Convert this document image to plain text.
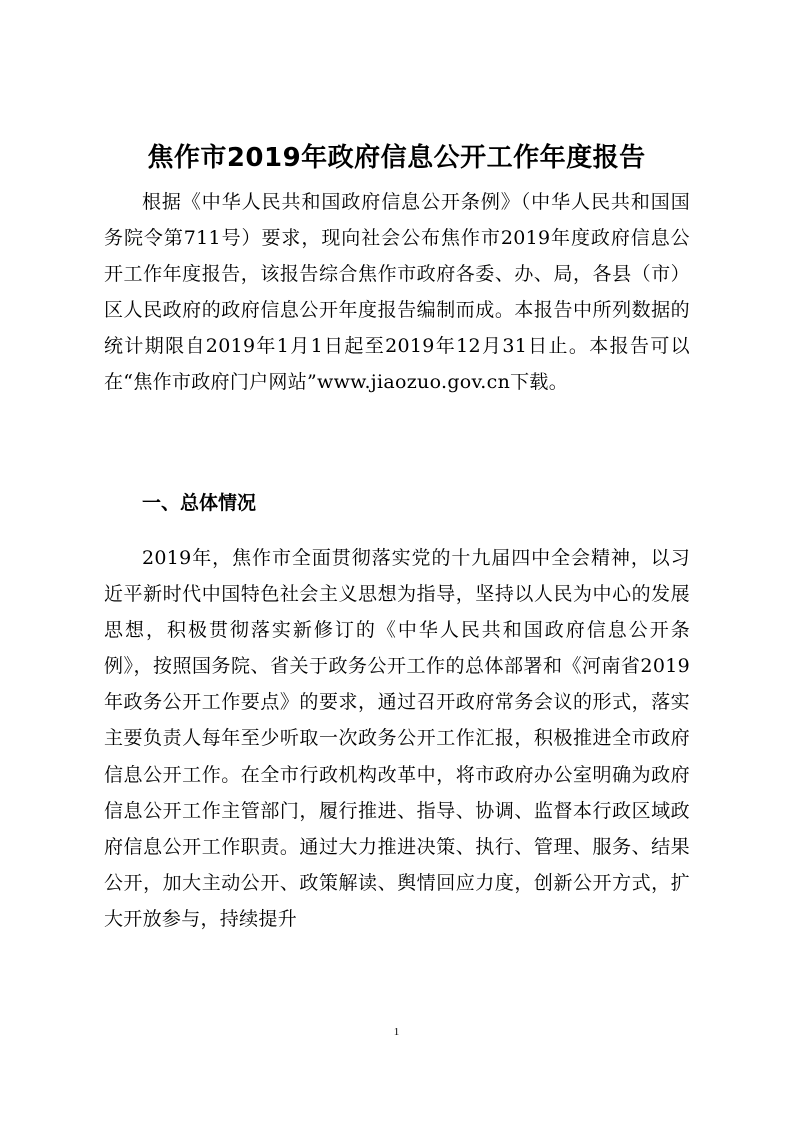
焦作市2019年政府信息公开工作年度报告

根据《中华人民共和国政府信息公开条例》（中华人民共和国国务院令第711号）要求，现向社会公布焦作市2019年度政府信息公开工作年度报告，该报告综合焦作市政府各委、办、局，各县（市）区人民政府的政府信息公开年度报告编制而成。本报告中所列数据的统计期限自2019年1月1日起至2019年12月31日止。本报告可以在“焦作市政府门户网站”www.jiaozuo.gov.cn下载。

一、总体情况

2019年，焦作市全面贯彻落实党的十九届四中全会精神，以习近平新时代中国特色社会主义思想为指导，坚持以人民为中心的发展思想，积极贯彻落实新修订的《中华人民共和国政府信息公开条例》，按照国务院、省关于政务公开工作的总体部署和《河南省2019年政务公开工作要点》的要求，通过召开政府常务会议的形式，落实主要负责人每年至少听取一次政务公开工作汇报，积极推进全市政府信息公开工作。在全市行政机构改革中，将市政府办公室明确为政府信息公开工作主管部门，履行推进、指导、协调、监督本行政区域政府信息公开工作职责。通过大力推进决策、执行、管理、服务、结果公开，加大主动公开、政策解读、舆情回应力度，创新公开方式，扩大开放参与，持续提升

1
